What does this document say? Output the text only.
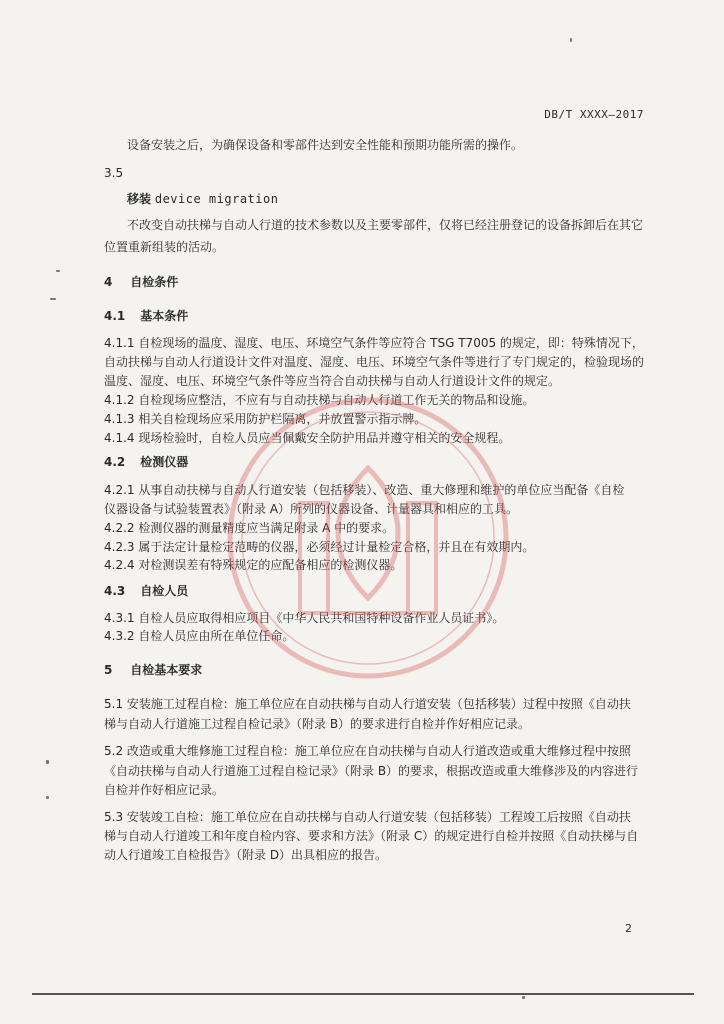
DB/T XXXX—2017
设备安装之后，为确保设备和零部件达到安全性能和预期功能所需的操作。
3.5
移装 device migration
不改变自动扶梯与自动人行道的技术参数以及主要零部件，仅将已经注册登记的设备拆卸后在其它
位置重新组装的活动。
4 自检条件
4.1 基本条件
4.1.1 自检现场的温度、湿度、电压、环境空气条件等应符合 TSG T7005 的规定，即：特殊情况下，
自动扶梯与自动人行道设计文件对温度、湿度、电压、环境空气条件等进行了专门规定的，检验现场的
温度、湿度、电压、环境空气条件等应当符合自动扶梯与自动人行道设计文件的规定。
4.1.2 自检现场应整洁，不应有与自动扶梯与自动人行道工作无关的物品和设施。
4.1.3 相关自检现场应采用防护栏隔离，并放置警示指示牌。
4.1.4 现场检验时，自检人员应当佩戴安全防护用品并遵守相关的安全规程。
4.2 检测仪器
4.2.1 从事自动扶梯与自动人行道安装（包括移装）、改造、重大修理和维护的单位应当配备《自检
仪器设备与试验装置表》（附录 A）所列的仪器设备、计量器具和相应的工具。
4.2.2 检测仪器的测量精度应当满足附录 A 中的要求。
4.2.3 属于法定计量检定范畴的仪器，必须经过计量检定合格，并且在有效期内。
4.2.4 对检测误差有特殊规定的应配备相应的检测仪器。
4.3 自检人员
4.3.1 自检人员应取得相应项目《中华人民共和国特种设备作业人员证书》。
4.3.2 自检人员应由所在单位任命。
5 自检基本要求
5.1 安装施工过程自检：施工单位应在自动扶梯与自动人行道安装（包括移装）过程中按照《自动扶
梯与自动人行道施工过程自检记录》（附录 B）的要求进行自检并作好相应记录。
5.2 改造或重大维修施工过程自检：施工单位应在自动扶梯与自动人行道改造或重大维修过程中按照
《自动扶梯与自动人行道施工过程自检记录》（附录 B）的要求，根据改造或重大维修涉及的内容进行
自检并作好相应记录。
5.3 安装竣工自检：施工单位应在自动扶梯与自动人行道安装（包括移装）工程竣工后按照《自动扶
梯与自动人行道竣工和年度自检内容、要求和方法》（附录 C）的规定进行自检并按照《自动扶梯与自
动人行道竣工自检报告》（附录 D）出具相应的报告。
2
